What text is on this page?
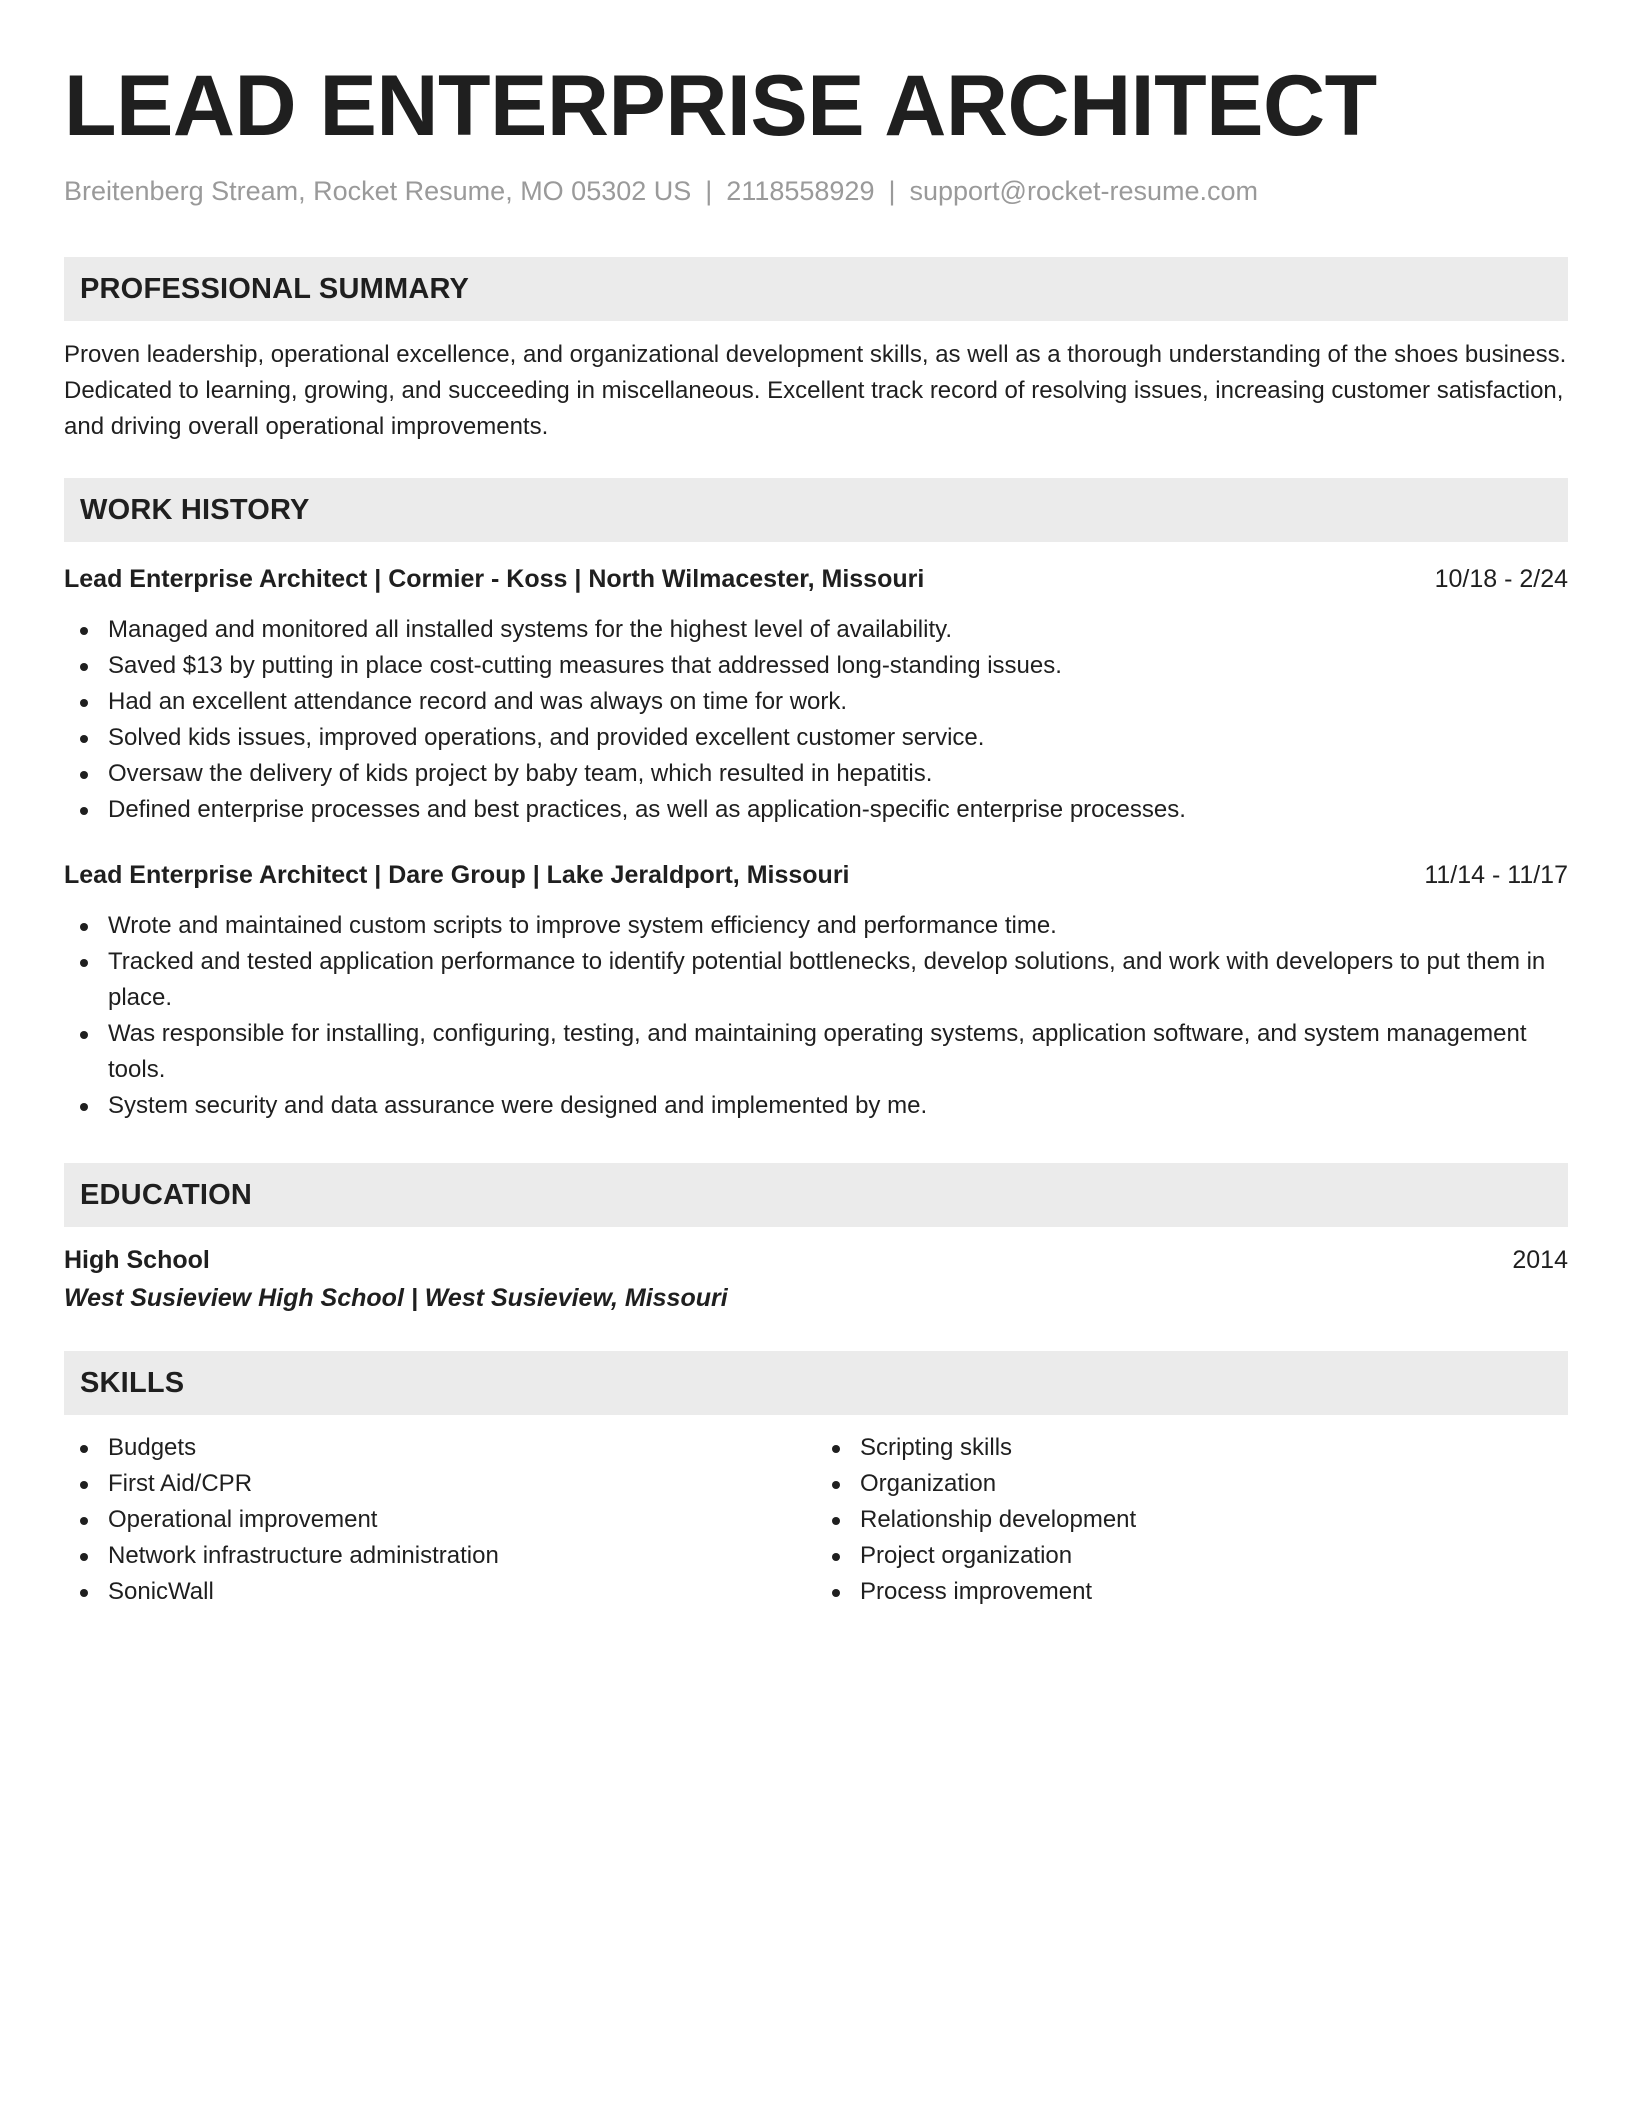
LEAD ENTERPRISE ARCHITECT
Breitenberg Stream, Rocket Resume, MO 05302 US | 2118558929 | support@rocket-resume.com
PROFESSIONAL SUMMARY
Proven leadership, operational excellence, and organizational development skills, as well as a thorough understanding of the shoes business. Dedicated to learning, growing, and succeeding in miscellaneous. Excellent track record of resolving issues, increasing customer satisfaction, and driving overall operational improvements.
WORK HISTORY
Lead Enterprise Architect | Cormier - Koss | North Wilmacester, Missouri	10/18 - 2/24
Managed and monitored all installed systems for the highest level of availability.
Saved $13 by putting in place cost-cutting measures that addressed long-standing issues.
Had an excellent attendance record and was always on time for work.
Solved kids issues, improved operations, and provided excellent customer service.
Oversaw the delivery of kids project by baby team, which resulted in hepatitis.
Defined enterprise processes and best practices, as well as application-specific enterprise processes.
Lead Enterprise Architect | Dare Group | Lake Jeraldport, Missouri	11/14 - 11/17
Wrote and maintained custom scripts to improve system efficiency and performance time.
Tracked and tested application performance to identify potential bottlenecks, develop solutions, and work with developers to put them in place.
Was responsible for installing, configuring, testing, and maintaining operating systems, application software, and system management tools.
System security and data assurance were designed and implemented by me.
EDUCATION
High School	2014
West Susieview High School | West Susieview, Missouri
SKILLS
Budgets
First Aid/CPR
Operational improvement
Network infrastructure administration
SonicWall
Scripting skills
Organization
Relationship development
Project organization
Process improvement
